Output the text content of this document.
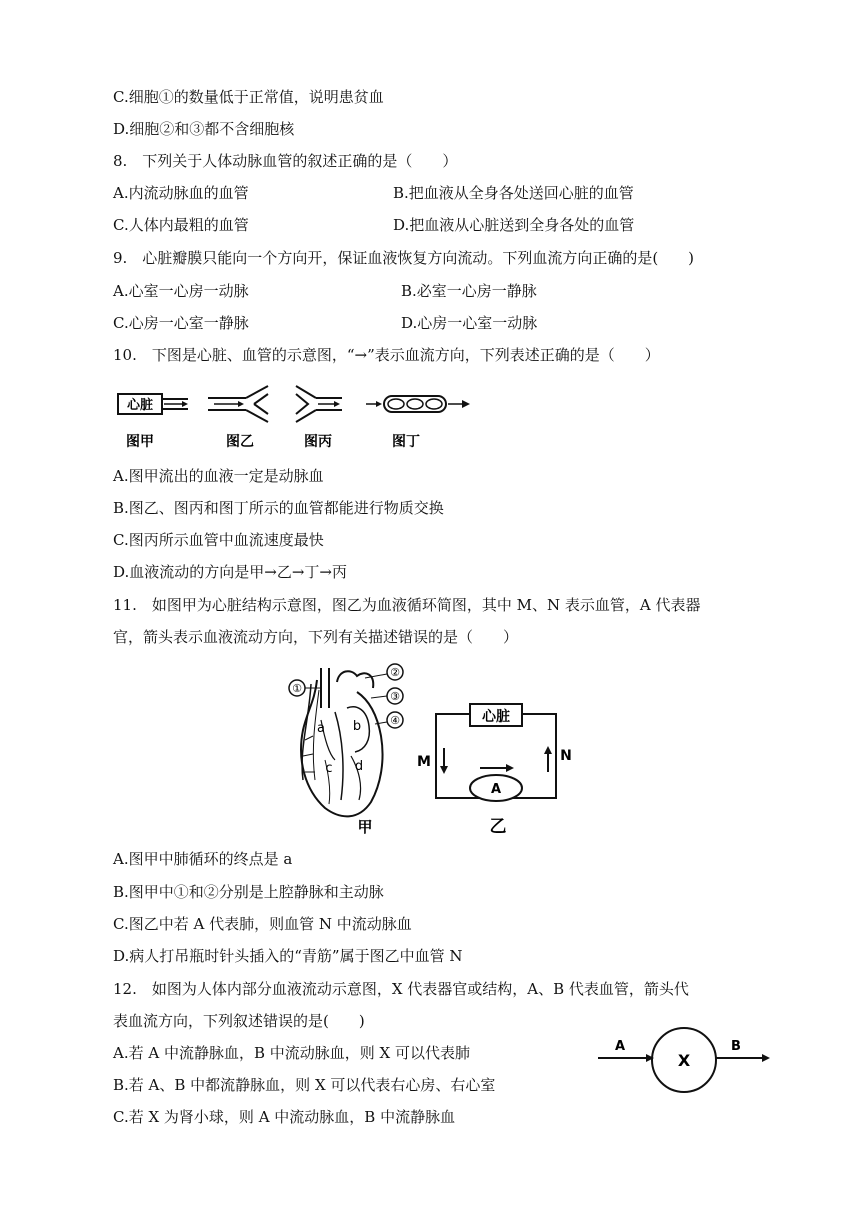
C.细胞①的数量低于正常值，说明患贫血
D.细胞②和③都不含细胞核
8.　下列关于人体动脉血管的叙述正确的是（　　）
A.内流动脉血的血管	B.把血液从全身各处送回心脏的血管
C.人体内最粗的血管	D.把血液从心脏送到全身各处的血管
9.　心脏瓣膜只能向一个方向开，保证血液恢复方向流动。下列血流方向正确的是(　　)
A.心室一心房一动脉	B.必室一心房一静脉
C.心房一心室一静脉	D.心房一心室一动脉
10.　下图是心脏、血管的示意图，“→”表示血流方向，下列表述正确的是（　　）
心脏
图甲	图乙	图丙	图丁
A.图甲流出的血液一定是动脉血
B.图乙、图丙和图丁所示的血管都能进行物质交换
C.图丙所示血管中血流速度最快
D.血液流动的方向是甲→乙→丁→丙
11.　如图甲为心脏结构示意图，图乙为血液循环简图，其中 M、N 表示血管，A 代表器
官，箭头表示血液流动方向，下列有关描述错误的是（　　）
①
②
③
④
a b
c d
甲
心脏
A
M	N
乙
A.图甲中肺循环的终点是 a
B.图甲中①和②分别是上腔静脉和主动脉
C.图乙中若 A 代表肺，则血管 N 中流动脉血
D.病人打吊瓶时针头插入的“青筋”属于图乙中血管 N
12.　如图为人体内部分血液流动示意图，X 代表器官或结构，A、B 代表血管，箭头代
表血流方向，下列叙述错误的是(　　)
A
X
B
A.若 A 中流静脉血，B 中流动脉血，则 X 可以代表肺
B.若 A、B 中都流静脉血，则 X 可以代表右心房、右心室
C.若 X 为肾小球，则 A 中流动脉血，B 中流静脉血
